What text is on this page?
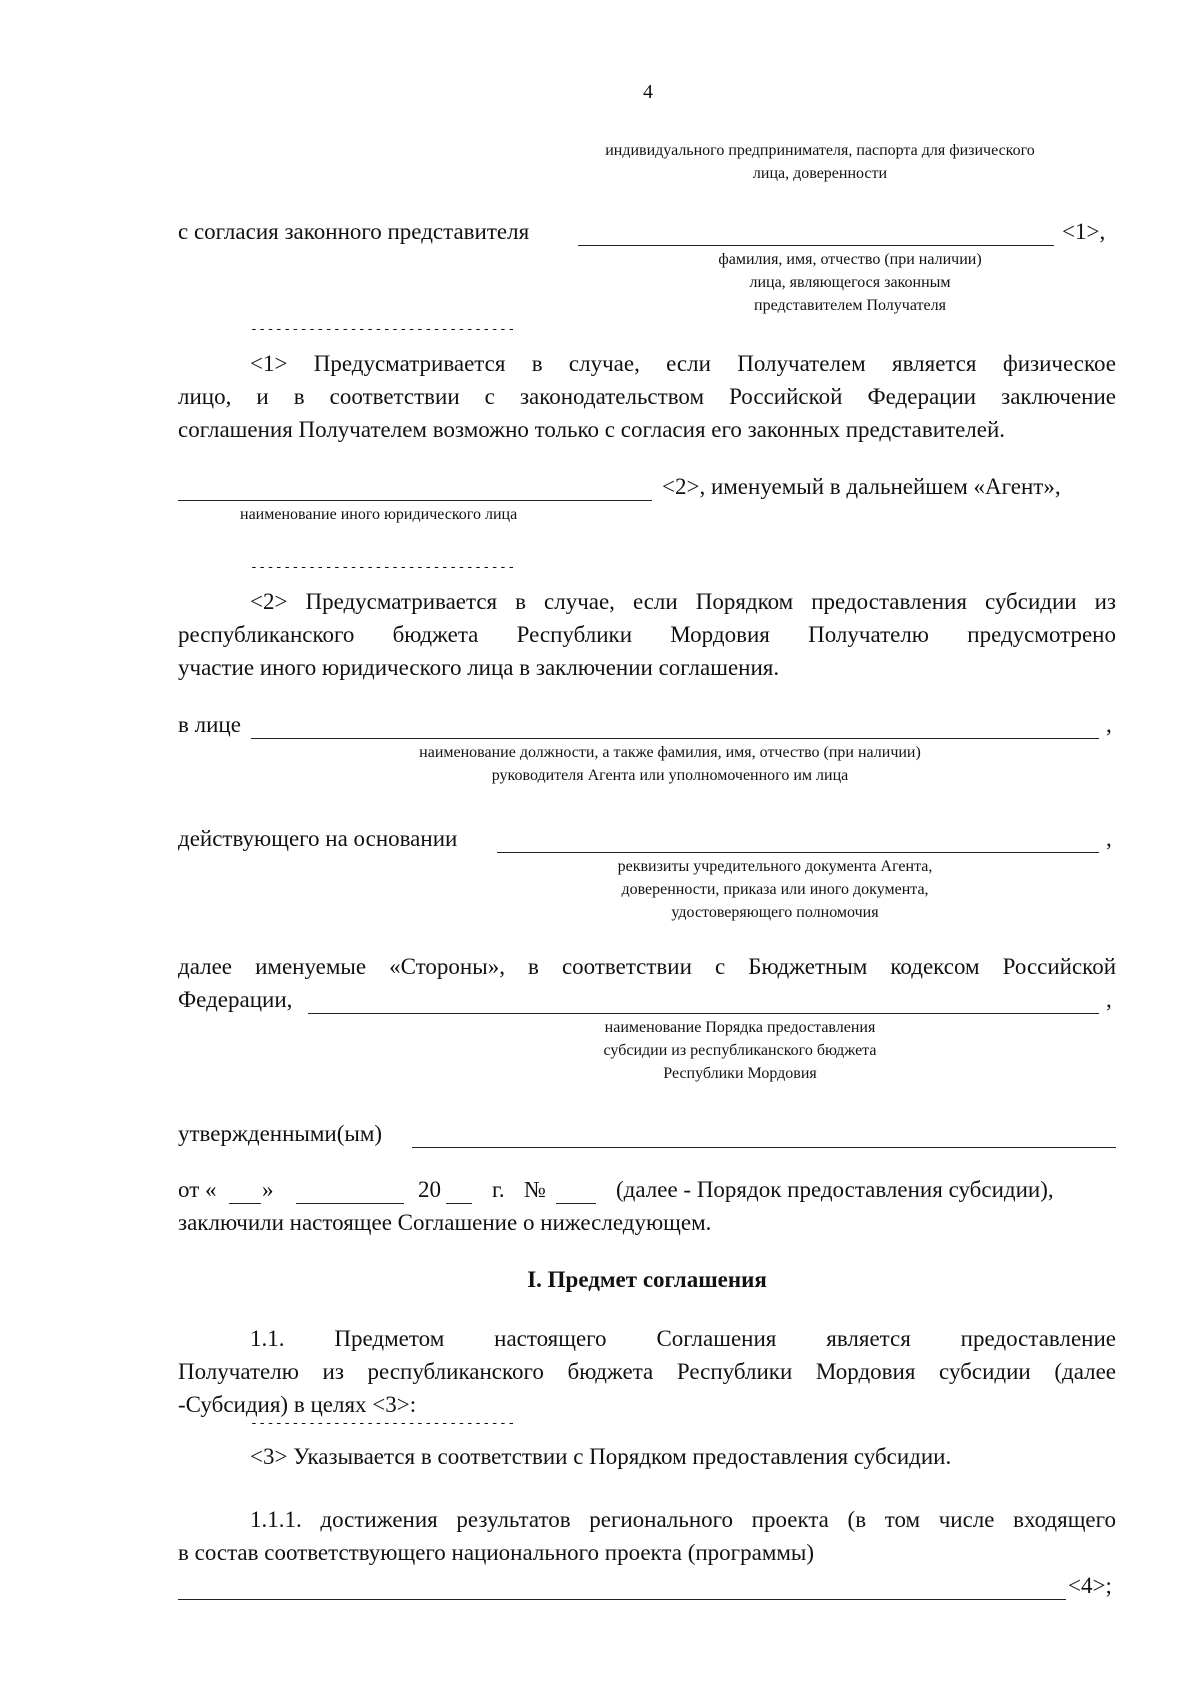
4
индивидуального предпринимателя, паспорта для физического
лица, доверенности
с согласия законного представителя	<1>,
фамилия, имя, отчество (при наличии)
лица, являющегося законным
представителем Получателя
--------------------------------
<1> Предусматривается в случае, если Получателем является физическое
лицо, и в соответствии с законодательством Российской Федерации заключение
соглашения Получателем возможно только с согласия его законных представителей.
<2>, именуемый в дальнейшем «Агент»,
наименование иного юридического лица
--------------------------------
<2> Предусматривается в случае, если Порядком предоставления субсидии из
республиканского бюджета Республики Мордовия Получателю предусмотрено
участие иного юридического лица в заключении соглашения.
в лице	,
наименование должности, а также фамилия, имя, отчество (при наличии)
руководителя Агента или уполномоченного им лица
действующего на основании	,
реквизиты учредительного документа Агента,
доверенности, приказа или иного документа,
удостоверяющего полномочия
далее именуемые «Стороны», в соответствии с Бюджетным кодексом Российской
Федерации,	,
наименование Порядка предоставления
субсидии из республиканского бюджета
Республики Мордовия
утвержденными(ым)
от « »	20 г. №	(далее - Порядок предоставления субсидии),
заключили настоящее Соглашение о нижеследующем.
I. Предмет соглашения
1.1. Предметом настоящего Соглашения является предоставление
Получателю из республиканского бюджета Республики Мордовия субсидии (далее
-Субсидия) в целях <3>:
--------------------------------
<3> Указывается в соответствии с Порядком предоставления субсидии.
1.1.1. достижения результатов регионального проекта (в том числе входящего
в состав соответствующего национального проекта (программы)
<4>;
